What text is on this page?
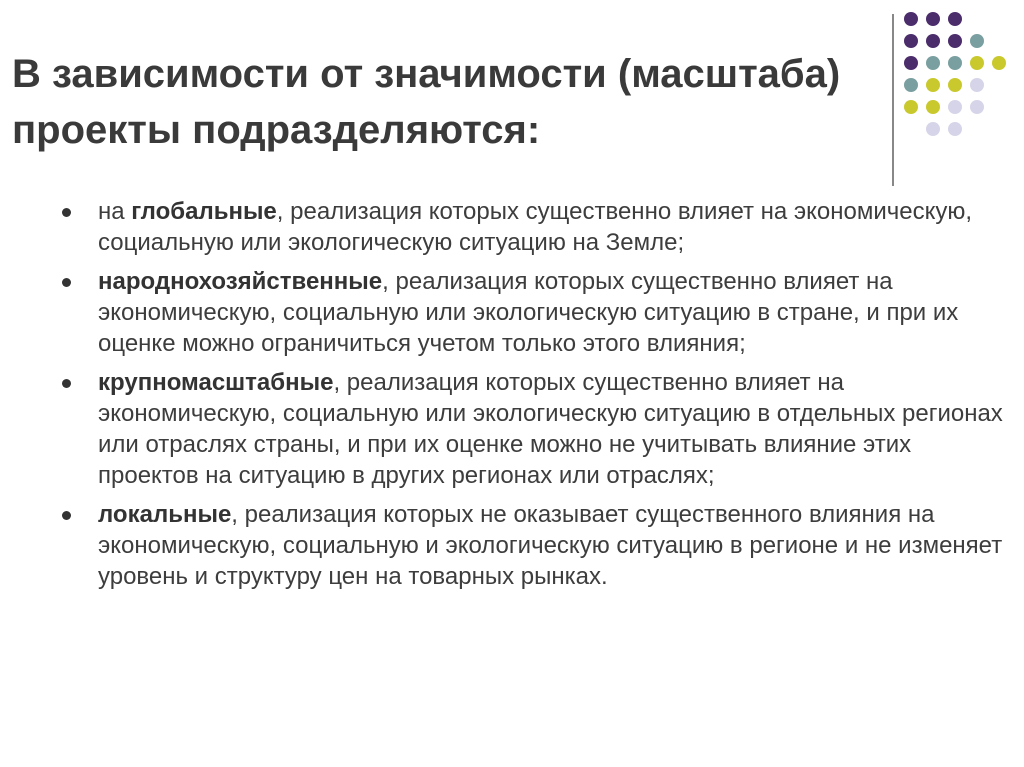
В зависимости от значимости (масштаба) проекты подразделяются:
на глобальные, реализация которых существенно влияет на экономическую, социальную или экологическую ситуацию на Земле;
народнохозяйственные, реализация которых существенно влияет на экономическую, социальную или экологическую ситуацию в стране, и при их оценке можно ограничиться учетом только этого влияния;
крупномасштабные, реализация которых существенно влияет на экономическую, социальную или экологическую ситуацию в отдельных регионах или отраслях страны, и при их оценке можно не учитывать влияние этих проектов на ситуацию в других регионах или отраслях;
локальные, реализация которых не оказывает существенного влияния на экономическую, социальную и экологическую ситуацию в регионе и не изменяет уровень и структуру цен на товарных рынках.
